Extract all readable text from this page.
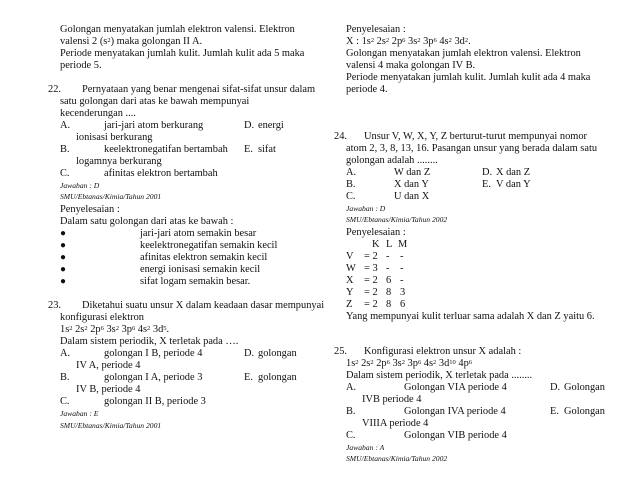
Golongan menyatakan jumlah elektron valensi. Elektron
valensi 2 $(s^2)$ maka golongan II A.
Periode menyatakan jumlah kulit. Jumlah kulit ada 5 maka
periode 5.
22. Pernyataan yang benar mengenai sifat-sifat unsur dalam
satu golongan dari atas ke bawah mempunyai
kecenderungan ....
A.	jari-jari atom berkurang	D. energi
ionisasi berkurang
B.	keelektronegatifan bertambah E. sifat
logamnya berkurang
C.	afinitas elektron bertambah
Jawaban : D
SMU/Ebtanas/Kimia/Tahun 2001
Penyelesaian :
Dalam satu golongan dari atas ke bawah :
●	jari-jari atom semakin besar
●	keelektronegatifan semakin kecil
●	afinitas elektron semakin kecil
●	energi ionisasi semakin kecil
●	sifat logam semakin besar.
23. Diketahui suatu unsur X dalam keadaan dasar mempunyai
konfigurasi elektron
$1s^2$ $2s^2$ $2p^6$ $3s^2$ $3p^6$ $4s^2$ $3d^5$.
Dalam sistem periodik, X terletak pada ….
A.	golongan I B, periode 4	D. golongan
IV A, periode 4
B.	golongan I A, periode 3	E. golongan
IV B, periode 4
C.	golongan II B, periode 3
Jawaban : E
SMU/Ebtanas/Kimia/Tahun 2001
Penyelesaian :
X : $1s^2$ $2s^2$ $2p^6$ $3s^2$ $3p^6$ $4s^2$ $3d^2$.
Golongan menyatakan jumlah elektron valensi. Elektron
valensi 4 maka golongan IV B.
Periode menyatakan jumlah kulit. Jumlah kulit ada 4 maka
periode 4.
24. Unsur V, W, X, Y, Z berturut-turut mempunyai nomor
atom 2, 3, 8, 13, 16. Pasangan unsur yang berada dalam satu
golongan adalah ........
A.	W dan Z	D. X dan Z
B.	X dan Y	E. V dan Y
C.	U dan X
Jawaban : D
SMU/Ebtanas/Kimia/Tahun 2002
Penyelesaian :
K L M
V = 2 - -
W = 3 - -
X = 2 6 -
Y = 2 8 3
Z = 2 8 6
Yang mempunyai kulit terluar sama adalah X dan Z yaitu 6.
25. Konfigurasi elektron unsur X adalah :
$1s^2$ $2s^2$ $2p^6$ $3s^2$ $3p^6$ $4s^2$ $3d^{10}$ $4p^6$
Dalam sistem periodik, X terletak pada ........
A.	Golongan VIA periode 4	D. Golongan
IVB periode 4
B.	Golongan IVA periode 4	E. Golongan
VIIIA periode 4
C.	Golongan VIB periode 4
Jawaban : A
SMU/Ebtanas/Kimia/Tahun 2002
